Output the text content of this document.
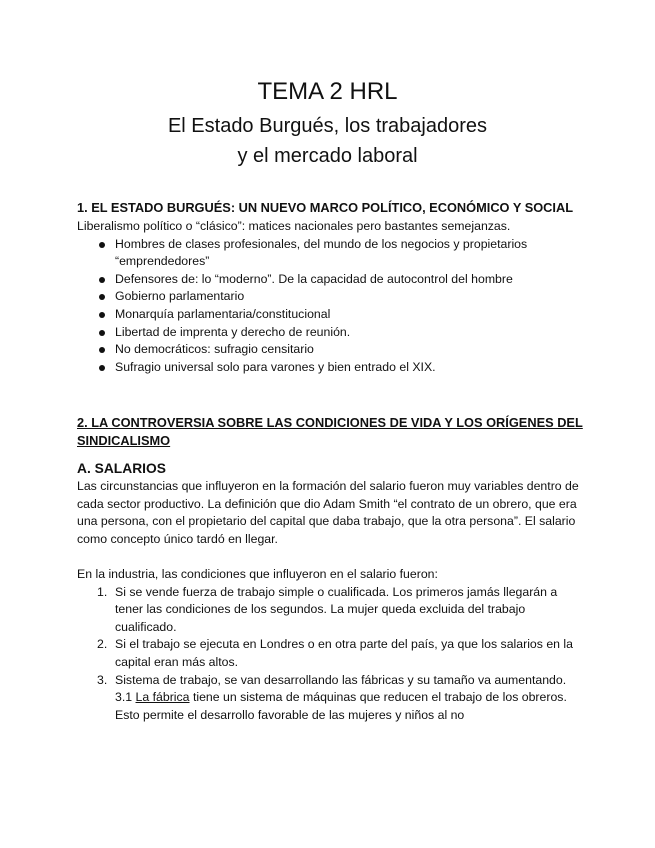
TEMA 2 HRL
El Estado Burgués, los trabajadores
y el mercado laboral

1. EL ESTADO BURGUÉS: UN NUEVO MARCO POLÍTICO, ECONÓMICO Y SOCIAL

Liberalismo político o “clásico”: matices nacionales pero bastantes semejanzas.

Hombres de clases profesionales, del mundo de los negocios y propietarios “emprendedores”
Defensores de: lo “moderno”. De la capacidad de autocontrol del hombre
Gobierno parlamentario
Monarquía parlamentaria/constitucional
Libertad de imprenta y derecho de reunión.
No democráticos: sufragio censitario
Sufragio universal solo para varones y bien entrado el XIX.

2. LA CONTROVERSIA SOBRE LAS CONDICIONES DE VIDA Y LOS ORÍGENES DEL SINDICALISMO

A. SALARIOS

Las circunstancias que influyeron en la formación del salario fueron muy variables dentro de cada sector productivo. La definición que dio Adam Smith “el contrato de un obrero, que era una persona, con el propietario del capital que daba trabajo, que la otra persona”. El salario como concepto único tardó en llegar.

En la industria, las condiciones que influyeron en el salario fueron:

1. Si se vende fuerza de trabajo simple o cualificada. Los primeros jamás llegarán a tener las condiciones de los segundos. La mujer queda excluida del trabajo cualificado.
2. Si el trabajo se ejecuta en Londres o en otra parte del país, ya que los salarios en la capital eran más altos.
3. Sistema de trabajo, se van desarrollando las fábricas y su tamaño va aumentando.
3.1 La fábrica tiene un sistema de máquinas que reducen el trabajo de los obreros. Esto permite el desarrollo favorable de las mujeres y niños al no
